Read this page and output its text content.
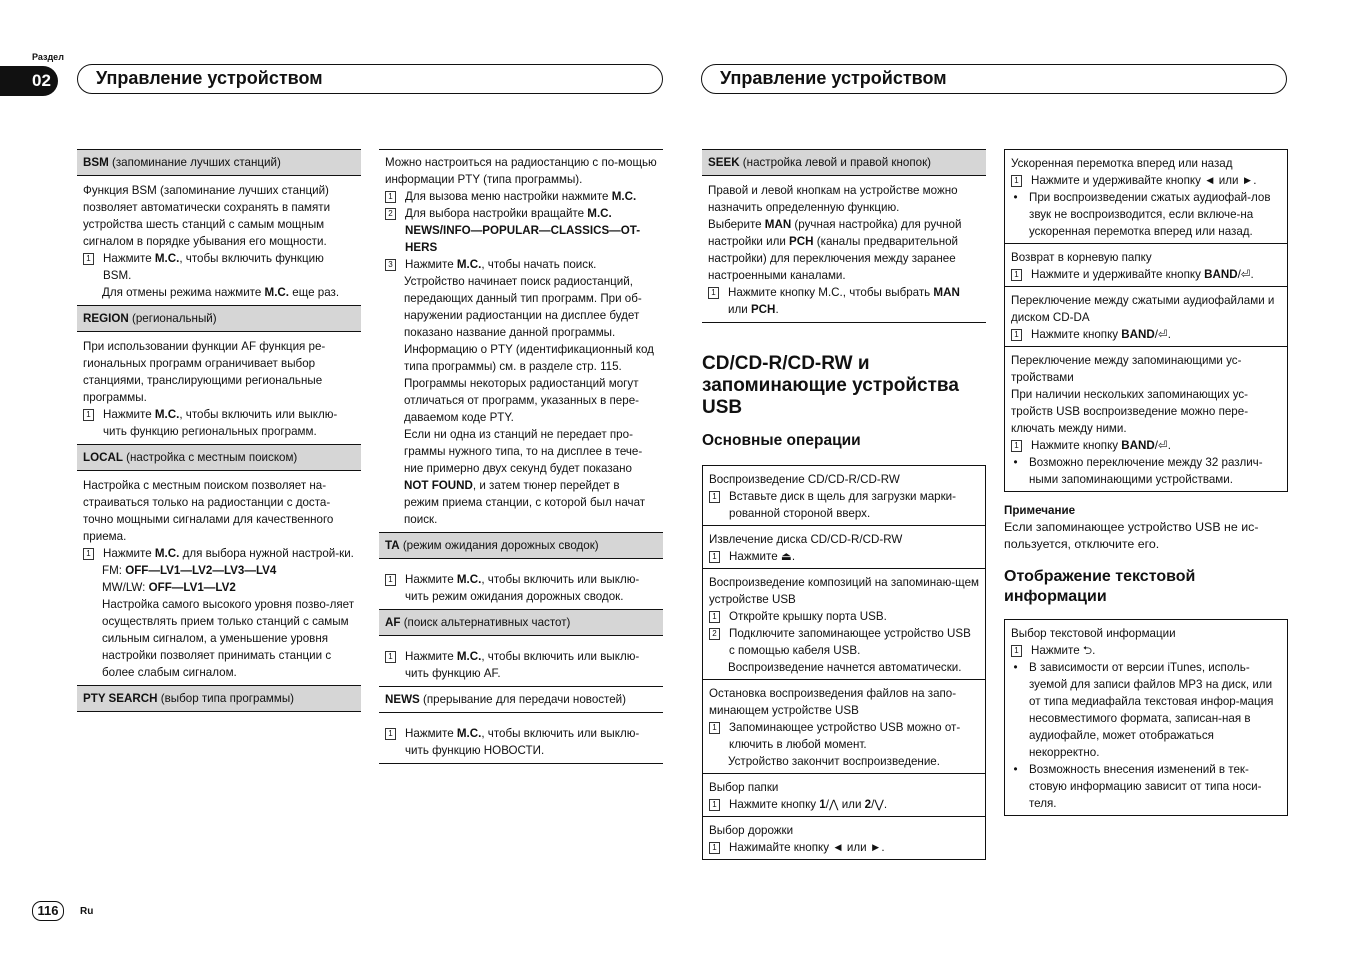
Раздел
02	Управление устройством	Управление устройством
BSM (запоминание лучших станций)

Функция BSM (запоминание лучших станций) позволяет автоматически сохранять в памяти устройства шесть станций с самым мощным сигналом в порядке убывания его мощности.

1 Нажмите M.C., чтобы включить функцию BSM.
Для отмены режима нажмите M.C. еще раз.
REGION (региональный)

При использовании функции AF функция ре-гиональных программ ограничивает выбор станциями, транслирующими региональные программы.

1 Нажмите M.C., чтобы включить или выклю-чить функцию региональных программ.
LOCAL (настройка с местным поиском)

Настройка с местным поиском позволяет на-страиваться только на радиостанции с доста-точно мощными сигналами для качественного приема.

1 Нажмите M.C. для выбора нужной настрой-ки.
FM: OFF—LV1—LV2—LV3—LV4
MW/LW: OFF—LV1—LV2
Настройка самого высокого уровня позво-ляет осуществлять прием только станций с самым сильным сигналом, а уменьшение уровня настройки позволяет принимать станции с более слабым сигналом.
PTY SEARCH (выбор типа программы)

Можно настроиться на радиостанцию с по-мощью информации PTY (типа программы).

1 Для вызова меню настройки нажмите M.C.
2 Для выбора настройки вращайте M.C.
NEWS/INFO—POPULAR—CLASSICS—OT-HERS
3 Нажмите M.C., чтобы начать поиск.
Устройство начинает поиск радиостанций, передающих данный тип программ. При об-наружении радиостанции на дисплее будет показано название данной программы.
Информацию о PTY (идентификационный код типа программы) см. в разделе стр. 115.
Программы некоторых радиостанций могут отличаться от программ, указанных в пере-даваемом коде PTY.
Если ни одна из станций не передает про-граммы нужного типа, то на дисплее в тече-ние примерно двух секунд будет показано NOT FOUND, и затем тюнер перейдет в режим приема станции, с которой был начат поиск.
TA (режим ожидания дорожных сводок)
1 Нажмите M.C., чтобы включить или выклю-чить режим ожидания дорожных сводок.
AF (поиск альтернативных частот)
1 Нажмите M.C., чтобы включить или выклю-чить функцию AF.
NEWS (прерывание для передачи новостей)
1 Нажмите M.C., чтобы включить или выклю-чить функцию НОВОСТИ.
SEEK (настройка левой и правой кнопок)

Правой и левой кнопкам на устройстве можно назначить определенную функцию.

Выберите MAN (ручная настройка) для ручной настройки или PCH (каналы предварительной настройки) для переключения между заранее настроенными каналами.

1 Нажмите кнопку M.C., чтобы выбрать MAN или PCH.

CD/CD-R/CD-RW и запоминающие устройства USB

Основные операции

Воспроизведение CD/CD-R/CD-RW
1 Вставьте диск в щель для загрузки марки-рованной стороной вверх.
Извлечение диска CD/CD-R/CD-RW
1 Нажмите ⏏.
Воспроизведение композиций на запоминаю-щем устройстве USB
1 Откройте крышку порта USB.
2 Подключите запоминающее устройство USB с помощью кабеля USB.
Воспроизведение начнется автоматически.
Остановка воспроизведения файлов на запо-минающем устройстве USB
1 Запоминающее устройство USB можно от-ключить в любой момент.
Устройство закончит воспроизведение.
Выбор папки
1 Нажмите кнопку 1/⋀ или 2/⋁.
Выбор дорожки
1 Нажимайте кнопку ◄ или ►.
Ускоренная перемотка вперед или назад
1 Нажмите и удерживайте кнопку ◄ или ►.
• При воспроизведении сжатых аудиофай-лов звук не воспроизводится, если включе-на ускоренная перемотка вперед или назад.
Возврат в корневую папку
1 Нажмите и удерживайте кнопку BAND/⏎.
Переключение между сжатыми аудиофайлами и диском CD-DA
1 Нажмите кнопку BAND/⏎.
Переключение между запоминающими ус-тройствами
При наличии нескольких запоминающих ус-тройств USB воспроизведение можно пере-ключать между ними.
1 Нажмите кнопку BAND/⏎.
• Возможно переключение между 32 различ-ными запоминающими устройствами.
Примечание
Если запоминающее устройство USB не ис-пользуется, отключите его.

Отображение текстовой информации

Выбор текстовой информации
1 Нажмите ⮌.
• В зависимости от версии iTunes, исполь-зуемой для записи файлов MP3 на диск, или от типа медиафайла текстовая инфор-мация несовместимого формата, записан-ная в аудиофайле, может отображаться некорректно.
• Возможность внесения изменений в тек-стовую информацию зависит от типа носи-теля.
116	Ru
